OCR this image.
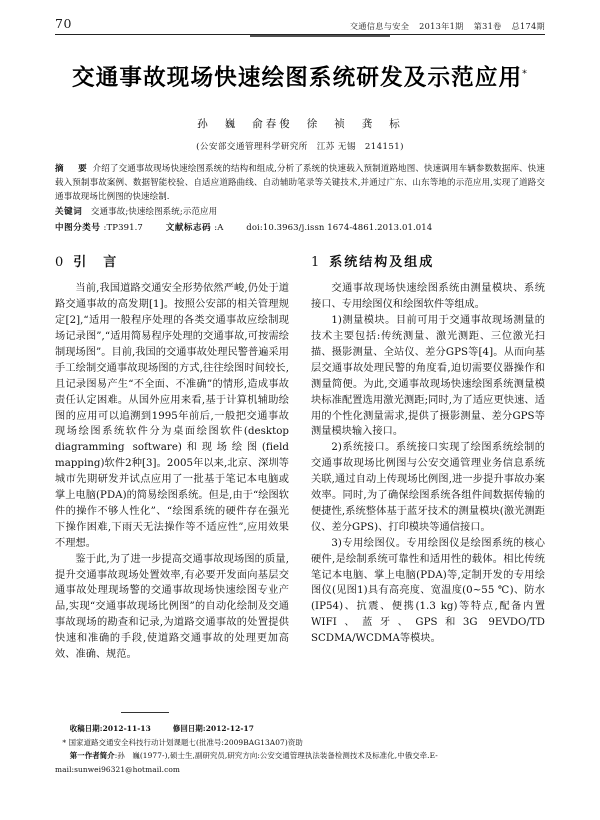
70	交通信息与安全 2013年1期 第31卷 总174期
交通事故现场快速绘图系统研发及示范应用*
孙 巍 俞春俊 徐 祯 龚 标
(公安部交通管理科学研究所　江苏 无锡　214151)

摘　要 介绍了交通事故现场快速绘图系统的结构和组成,分析了系统的快速载入预制道路地图、快速调用车辆参数数据库、快速载入预制事故案例、数据智能校验、自适应道路曲线、自动辅助笔录等关键技术,并通过广东、山东等地的示范应用,实现了道路交通事故现场比例图的快速绘制.

关键词 交通事故;快速绘图系统;示范应用

中图分类号 :TP391.7	文献标志码 :A	doi:10.3963/j.issn 1674-4861.2013.01.014

0 引　言

当前,我国道路交通安全形势依然严峻,仍处于道路交通事故的高发期[1]。按照公安部的相关管理规定[2],“适用一般程序处理的各类交通事故应绘制现场记录图”,“适用简易程序处理的交通事故,可按需绘制现场图”。目前,我国的交通事故处理民警普遍采用手工绘制交通事故现场图的方式,往往绘图时间较长,且记录图易产生“不全面、不准确”的情形,造成事故责任认定困难。从国外应用来看,基于计算机辅助绘图的应用可以追溯到1995年前后,一般把交通事故现场绘图系统软件分为桌面绘图软件(desktop diagramming software)和现场绘图(field mapping)软件2种[3]。2005年以来,北京、深圳等城市先期研发并试点应用了一批基于笔记本电脑或掌上电脑(PDA)的简易绘图系统。但是,由于“绘图软件的操作不够人性化”、“绘图系统的硬件存在强光下操作困难,下雨天无法操作等不适应性”,应用效果不理想。

鉴于此,为了进一步提高交通事故现场图的质量,提升交通事故现场处置效率,有必要开发面向基层交通事故处理现场警的交通事故现场快速绘图专业产品,实现“交通事故现场比例图”的自动化绘制及交通事故现场的勘查和记录,为道路交通事故的处置提供快速和准确的手段,使道路交通事故的处理更加高效、准确、规范。

1 系统结构及组成

交通事故现场快速绘图系统由测量模块、系统接口、专用绘图仪和绘图软件等组成。

1)测量模块。目前可用于交通事故现场测量的技术主要包括:传统测量、激光测距、三位激光扫描、摄影测量、全站仪、差分GPS等[4]。从而向基层交通事故处理民警的角度看,迫切需要仪器操作和测量简便。为此,交通事故现场快速绘图系统测量模块标准配置选用激光测距;同时,为了适应更快速、适用的个性化测量需求,提供了摄影测量、差分GPS等测量模块输入接口。

2)系统接口。系统接口实现了绘图系统绘制的交通事故现场比例图与公安交通管理业务信息系统关联,通过自动上传现场比例图,进一步提升事故办案效率。同时,为了确保绘图系统各组件间数据传输的便捷性,系统整体基于蓝牙技术的测量模块(激光测距仪、差分GPS)、打印模块等通信接口。

3)专用绘图仪。专用绘图仪是绘图系统的核心硬件,是绘制系统可靠性和适用性的载体。相比传统笔记本电脑、掌上电脑(PDA)等,定制开发的专用绘图仪(见图1)具有高亮度、宽温度(0~55 ℃)、防水(IP54)、抗震、便携(1.3 kg)等特点,配备内置WIFI、蓝牙、GPS和3G 9EVDO/TD SCDMA/WCDMA等模块。

收稿日期:2012-11-13	修回日期:2012-12-17

* 国家道路交通安全科技行动计划课题七(批准号:2009BAG13A07)资助

第一作者简介:孙　巍(1977-),硕士生,副研究员,研究方向:公安交通管理执法装备检测技术及标准化,中俄交牵.E-mail:sunwei96321@hotmail.com
